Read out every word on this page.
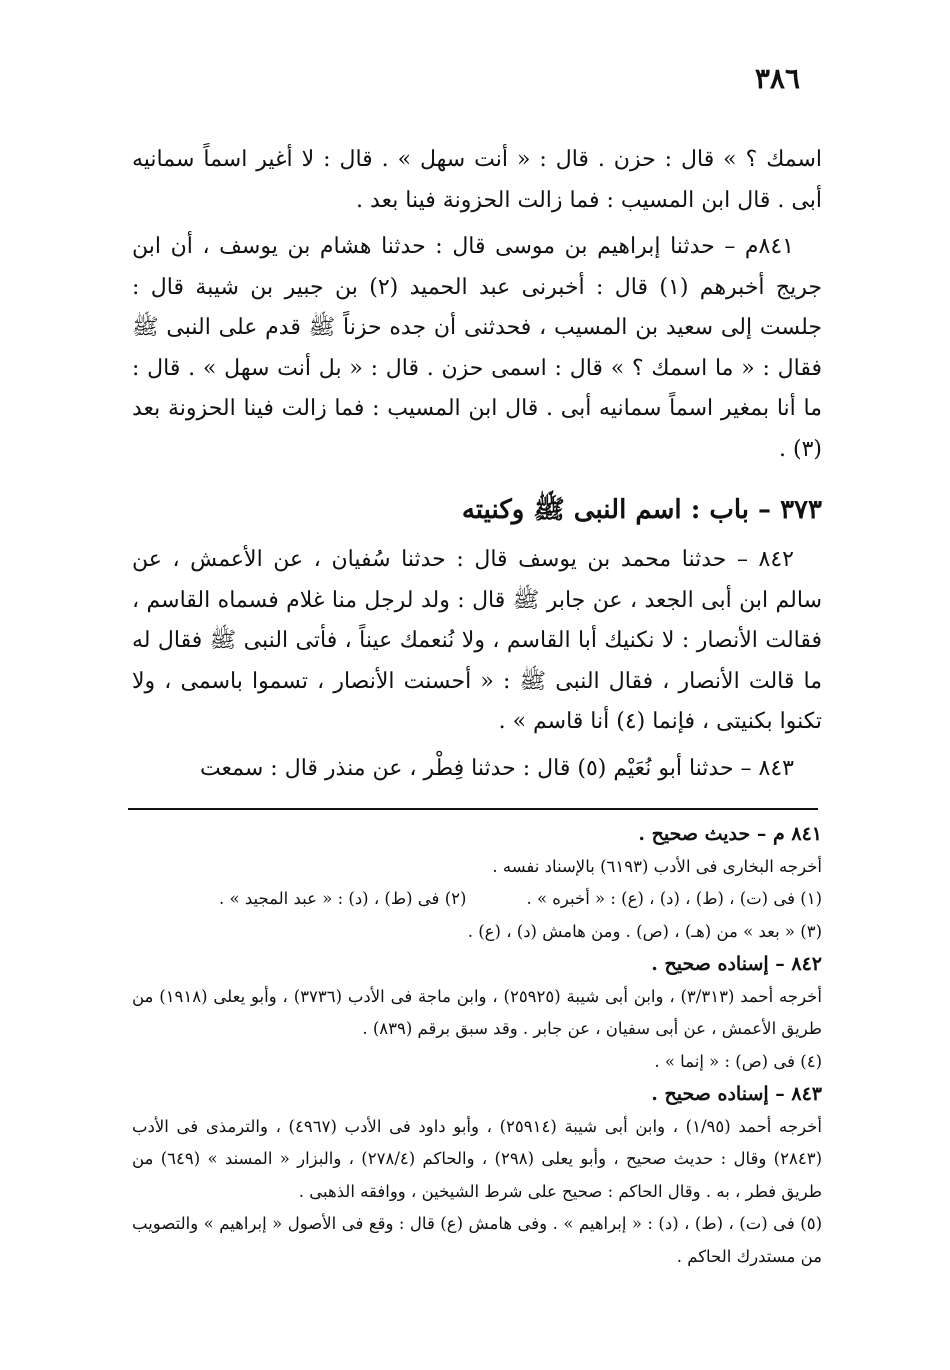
٣٨٦

اسمك ؟ » قال : حزن . قال : « أنت سهل » . قال : لا أغير اسماً سمانيه أبى . قال ابن المسيب : فما زالت الحزونة فينا بعد .

٨٤١م – حدثنا إبراهيم بن موسى قال : حدثنا هشام بن يوسف ، أن ابن جريج أخبرهم (١) قال : أخبرنى عبد الحميد (٢) بن جبير بن شيبة قال : جلست إلى سعيد بن المسيب ، فحدثنى أن جده حزناً ﷺ قدم على النبى ﷺ فقال : « ما اسمك ؟ » قال : اسمى حزن . قال : « بل أنت سهل » . قال : ما أنا بمغير اسماً سمانيه أبى . قال ابن المسيب : فما زالت فينا الحزونة بعد (٣) .

٣٧٣ – باب : اسم النبى ﷺ وكنيته

٨٤٢ – حدثنا محمد بن يوسف قال : حدثنا سُفيان ، عن الأعمش ، عن سالم ابن أبى الجعد ، عن جابر ﷺ قال : ولد لرجل منا غلام فسماه القاسم ، فقالت الأنصار : لا نكنيك أبا القاسم ، ولا نُنعمك عيناً ، فأتى النبى ﷺ فقال له ما قالت الأنصار ، فقال النبى ﷺ : « أحسنت الأنصار ، تسموا باسمى ، ولا تكنوا بكنيتى ، فإنما (٤) أنا قاسم » .

٨٤٣ – حدثنا أبو نُعَيْم (٥) قال : حدثنا فِطْر ، عن منذر قال : سمعت

٨٤١ م – حديث صحيح .

أخرجه البخارى فى الأدب (٦١٩٣) بالإسناد نفسه .

(١) فى (ت) ، (ط) ، (د) ، (ع) : « أخبره » .
(٢) فى (ط) ، (د) : « عبد المجيد » .

(٣) « بعد » من (هـ) ، (ص) . ومن هامش (د) ، (ع) .

٨٤٢ – إسناده صحيح .

أخرجه أحمد (٣/٣١٣) ، وابن أبى شيبة (٢٥٩٢٥) ، وابن ماجة فى الأدب (٣٧٣٦) ، وأبو يعلى (١٩١٨) من طريق الأعمش ، عن أبى سفيان ، عن جابر . وقد سبق برقم (٨٣٩) .

(٤) فى (ص) : « إنما » .

٨٤٣ – إسناده صحيح .

أخرجه أحمد (١/٩٥) ، وابن أبى شيبة (٢٥٩١٤) ، وأبو داود فى الأدب (٤٩٦٧) ، والترمذى فى الأدب (٢٨٤٣) وقال : حديث صحيح ، وأبو يعلى (٢٩٨) ، والحاكم (٢٧٨/٤) ، والبزار « المسند » (٦٤٩) من طريق فطر ، به . وقال الحاكم : صحيح على شرط الشيخين ، ووافقه الذهبى .

(٥) فى (ت) ، (ط) ، (د) : « إبراهيم » . وفى هامش (ع) قال : وقع فى الأصول « إبراهيم » والتصويب من مستدرك الحاكم .
